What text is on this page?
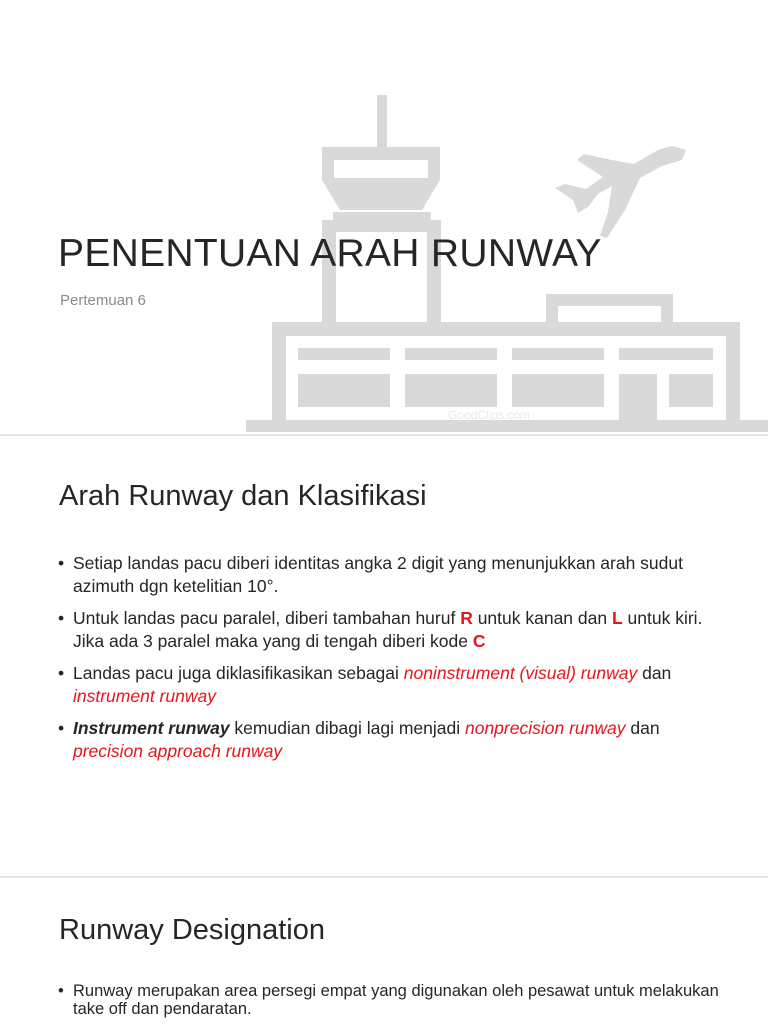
PENENTUAN ARAH RUNWAY
Pertemuan 6
GoodClips.com
Arah Runway dan Klasifikasi
• Setiap landas pacu diberi identitas angka 2 digit yang menunjukkan arah sudut azimuth dgn ketelitian 10°.
• Untuk landas pacu paralel, diberi tambahan huruf R untuk kanan dan L untuk kiri. Jika ada 3 paralel maka yang di tengah diberi kode C
• Landas pacu juga diklasifikasikan sebagai noninstrument (visual) runway dan instrument runway
• Instrument runway kemudian dibagi lagi menjadi nonprecision runway dan precision approach runway
Runway Designation
• Runway merupakan area persegi empat yang digunakan oleh pesawat untuk melakukan take off dan pendaratan.
